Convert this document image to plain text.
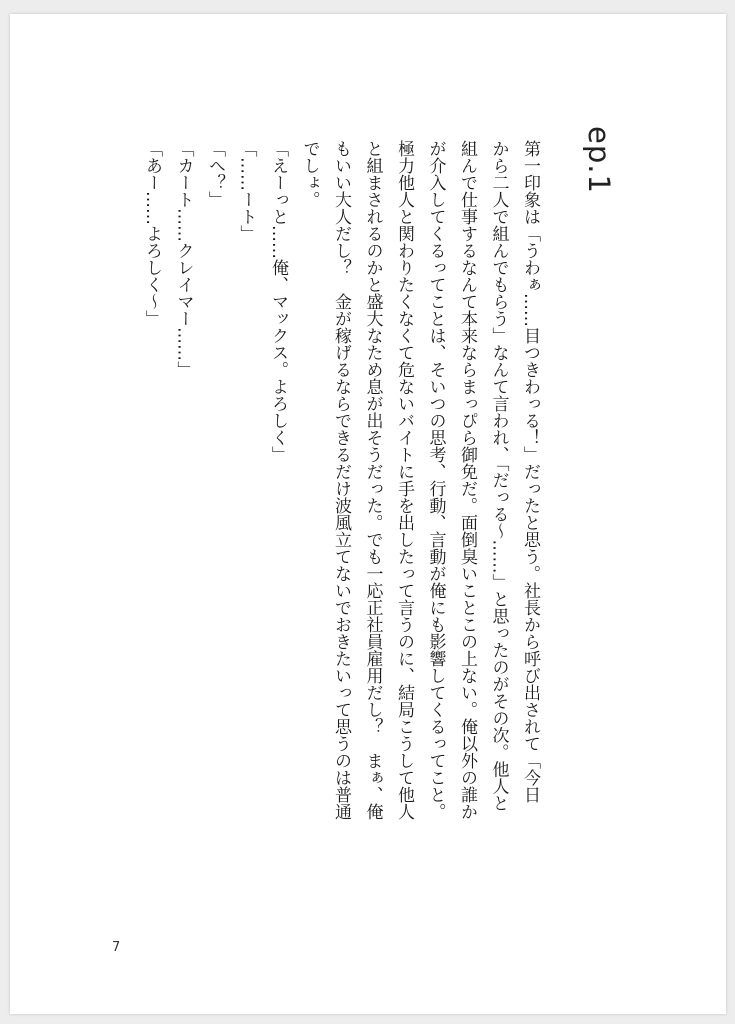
ep.1

第一印象は「うわぁ……目つきわっる！」だったと思う。社長から呼び出されて「今日

から二人で組んでもらう」なんて言われ、「だっる〜……」と思ったのがその次。他人と

組んで仕事するなんて本来ならまっぴら御免だ。面倒臭いことこの上ない。俺以外の誰か

が介入してくるってことは、そいつの思考、行動、言動が俺にも影響してくるってこと。

極力他人と関わりたくなくて危ないバイトに手を出したって言うのに、結局こうして他人

と組まされるのかと盛大なため息が出そうだった。でも一応正社員雇用だし？　まぁ、俺

もいい大人だし？　金が稼げるならできるだけ波風立てないでおきたいって思うのは普通

でしょ。

「えーっと……俺、マックス。よろしく」

「……ート」

「へ？」

「カート……クレイマー……」

「あー……よろしく〜」

7
